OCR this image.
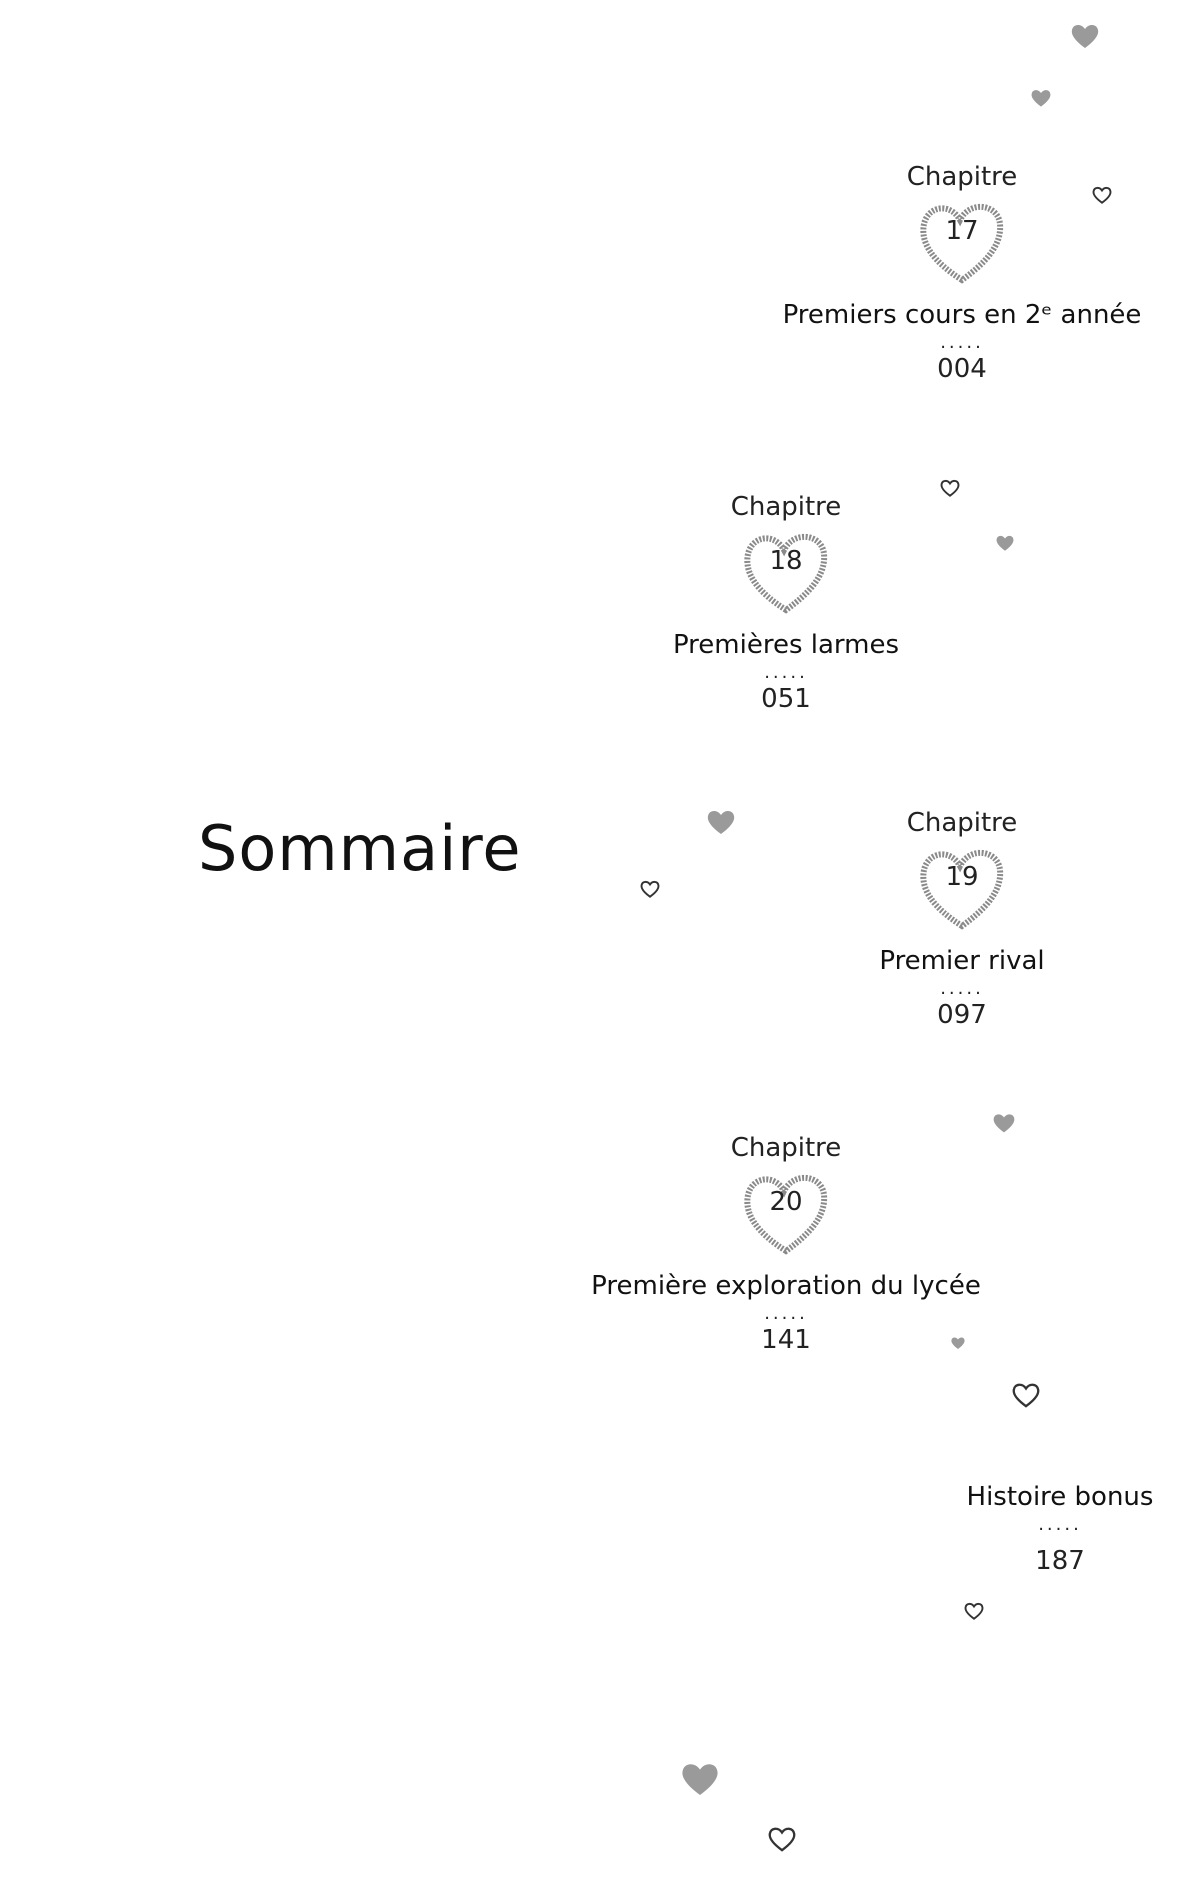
Sommaire
Chapitre
17
Premiers cours en 2ᵉ année
.....
004
Chapitre
18
Premières larmes
.....
051
Chapitre
19
Premier rival
.....
097
Chapitre
20
Première exploration du lycée
.....
141
Histoire bonus
.....
187
